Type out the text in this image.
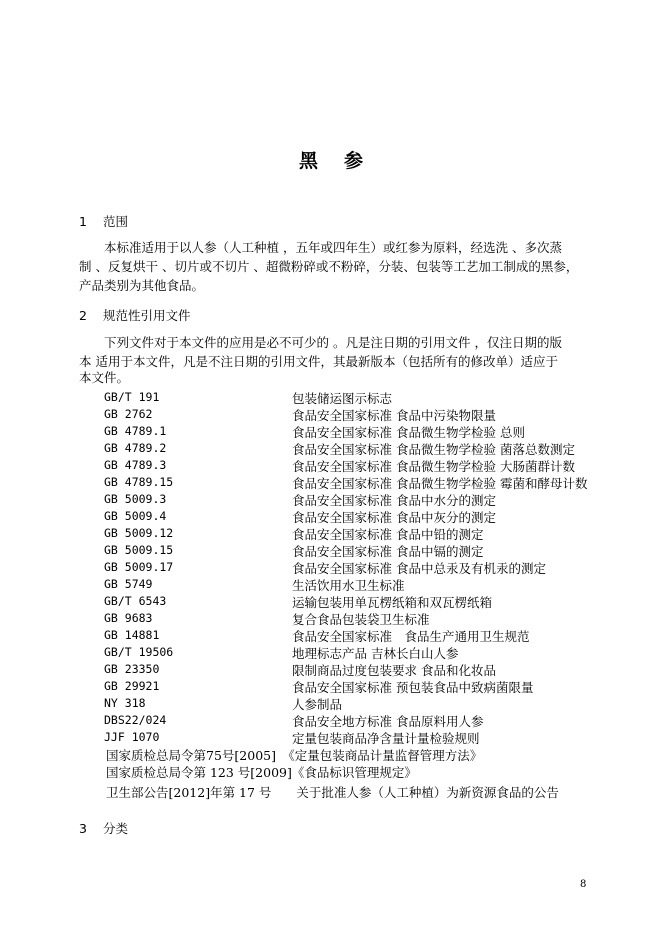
黑参
1 范围
本标准适用于以人参（人工种植 ，五年或四年生）或红参为原料，经选洗 、多次蒸
制 、反复烘干 、切片或不切片 、超微粉碎或不粉碎，分装、包装等工艺加工制成的黑参，
产品类别为其他食品。
2 规范性引用文件
下列文件对于本文件的应用是必不可少的 。凡是注日期的引用文件 ，仅注日期的版
本 适用于本文件，凡是不注日期的引用文件，其最新版本（包括所有的修改单）适应于
本文件。
GB/T 191	包装储运图示标志
GB 2762	食品安全国家标准 食品中污染物限量
GB 4789.1	食品安全国家标准 食品微生物学检验 总则
GB 4789.2	食品安全国家标准 食品微生物学检验 菌落总数测定
GB 4789.3	食品安全国家标准 食品微生物学检验 大肠菌群计数
GB 4789.15	食品安全国家标准 食品微生物学检验 霉菌和酵母计数
GB 5009.3	食品安全国家标准 食品中水分的测定
GB 5009.4	食品安全国家标准 食品中灰分的测定
GB 5009.12	食品安全国家标准 食品中铅的测定
GB 5009.15	食品安全国家标准 食品中镉的测定
GB 5009.17	食品安全国家标准 食品中总汞及有机汞的测定
GB 5749	生活饮用水卫生标准
GB/T 6543	运输包装用单瓦楞纸箱和双瓦楞纸箱
GB 9683	复合食品包装袋卫生标准
GB 14881	食品安全国家标准　食品生产通用卫生规范
GB/T 19506	地理标志产品 吉林长白山人参
GB 23350	限制商品过度包装要求 食品和化妆品
GB 29921	食品安全国家标准 预包装食品中致病菌限量
NY 318	人参制品
DBS22/024	食品安全地方标准 食品原料用人参
JJF 1070	定量包装商品净含量计量检验规则
国家质检总局令第75号[2005]　《定量包装商品计量监督管理方法》
国家质检总局令第 123 号[2009]《食品标识管理规定》
卫生部公告[2012]年第 17 号　　关于批准人参（人工种植）为新资源食品的公告
3 分类
8
